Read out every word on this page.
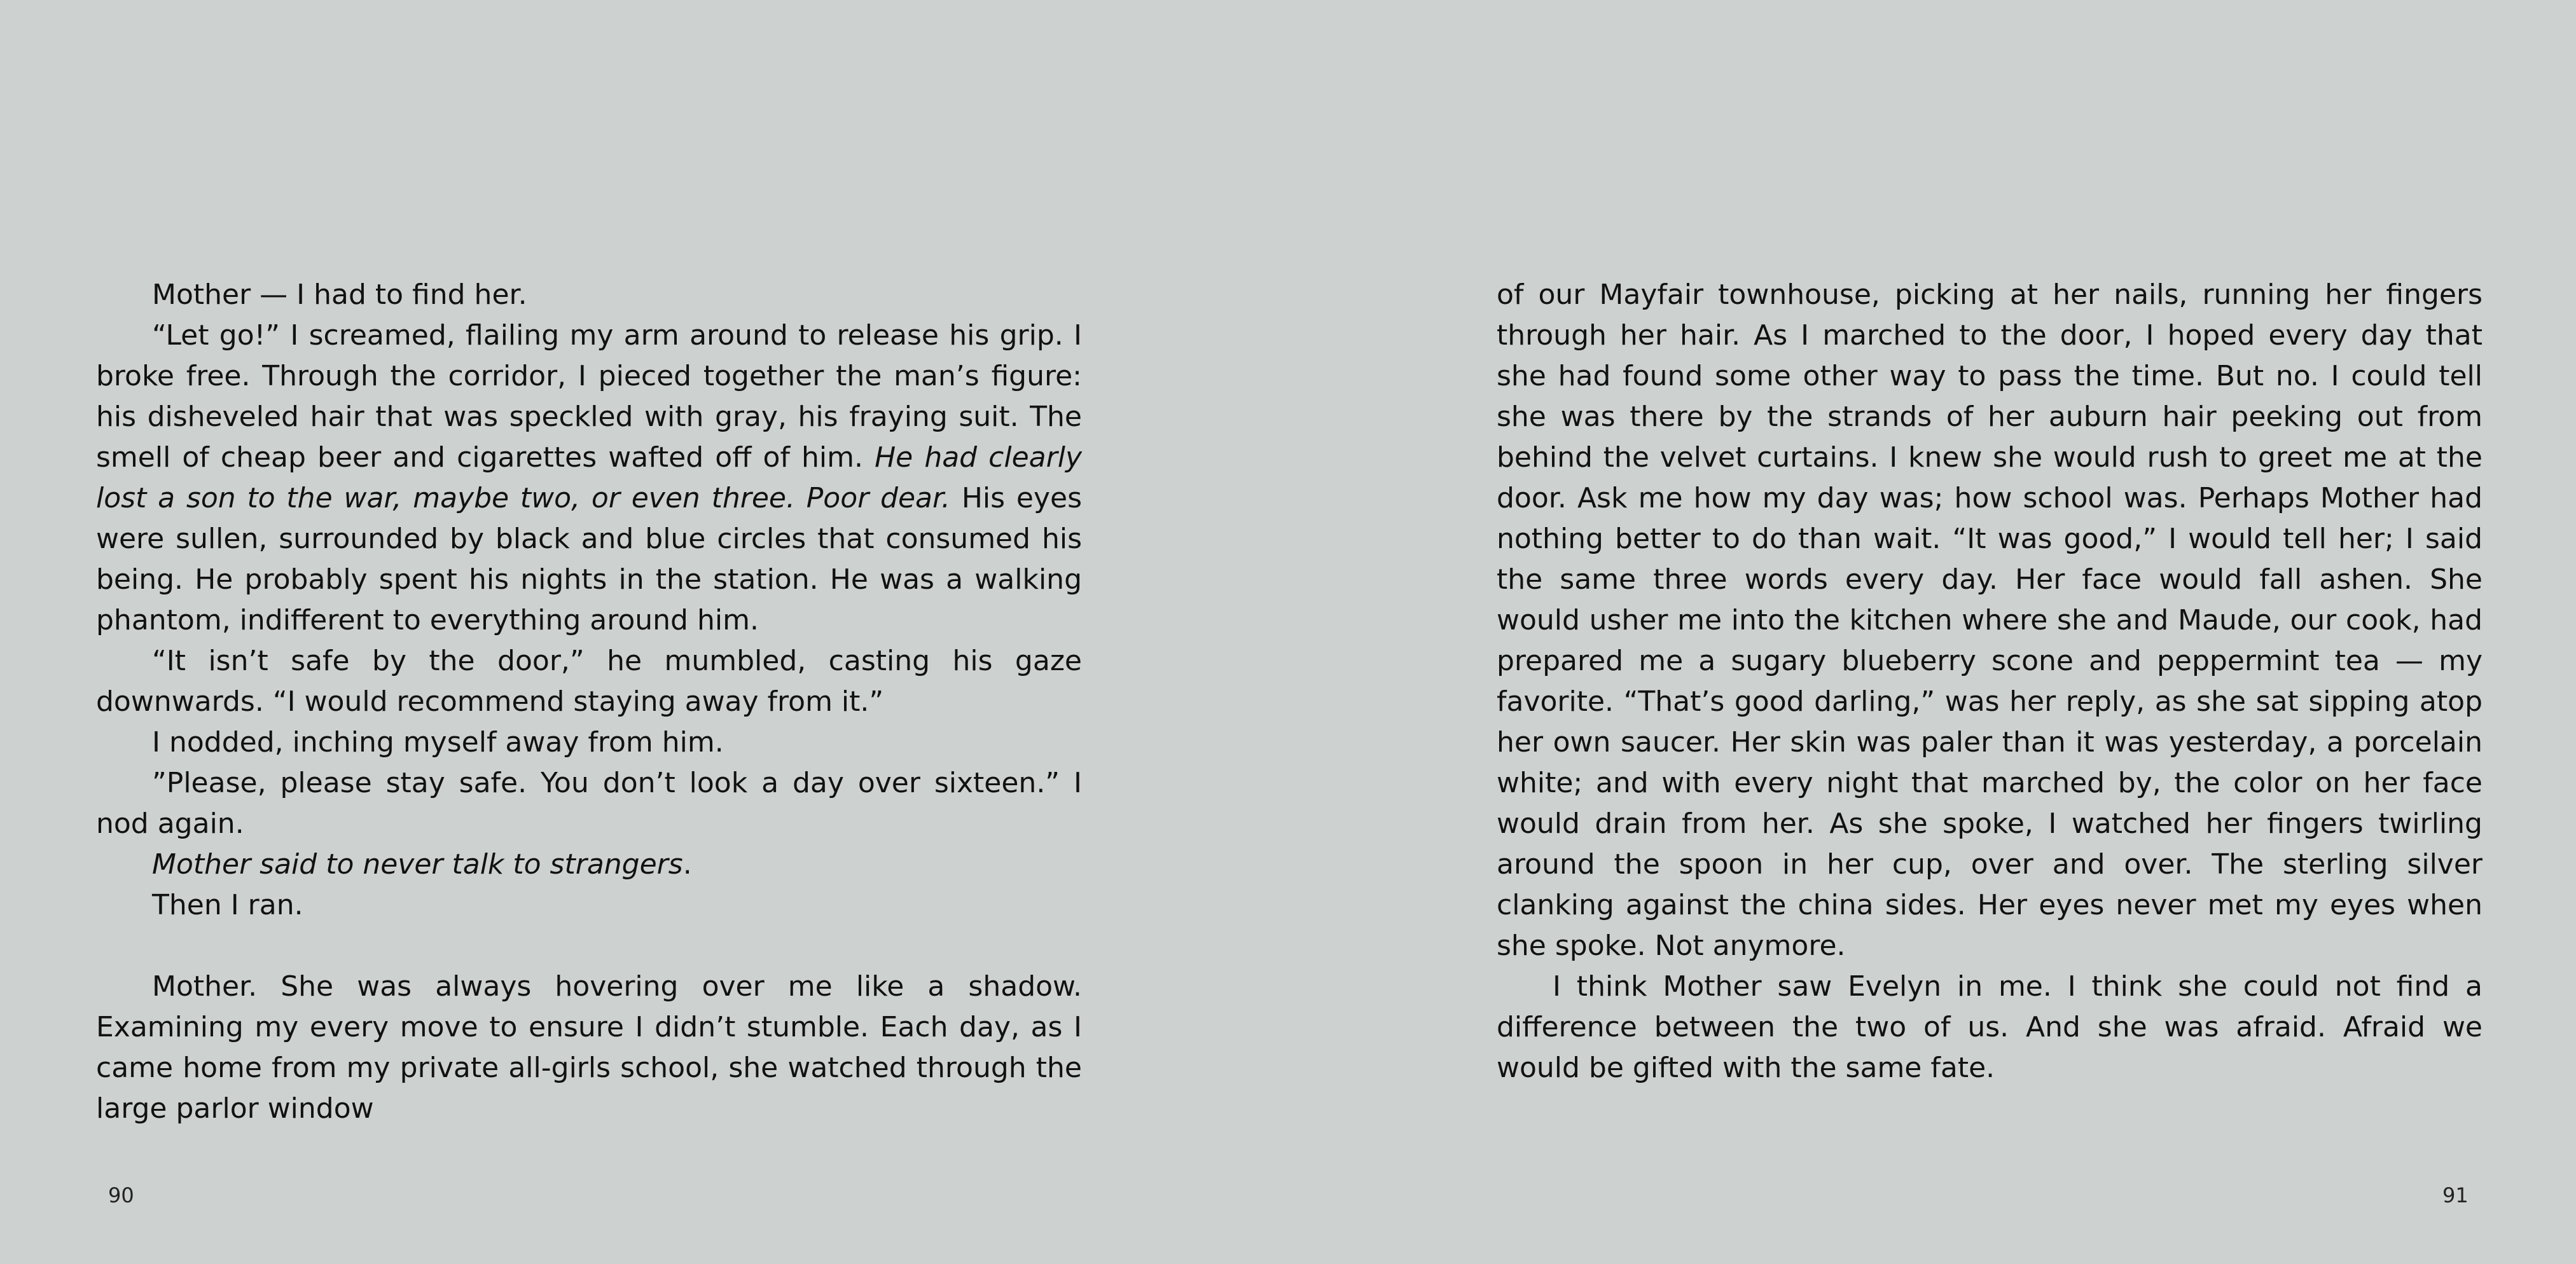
Mother — I had to find her.

“Let go!” I screamed, flailing my arm around to release his grip. I broke free. Through the corridor, I pieced together the man’s figure: his disheveled hair that was speckled with gray, his fraying suit. The smell of cheap beer and cigarettes wafted off of him. He had clearly lost a son to the war, maybe two, or even three. Poor dear. His eyes were sullen, surrounded by black and blue circles that consumed his being. He probably spent his nights in the station. He was a walking phantom, indifferent to everything around him.

“It isn’t safe by the door,” he mumbled, casting his gaze downwards. “I would recommend staying away from it.”

I nodded, inching myself away from him.

”Please, please stay safe. You don’t look a day over sixteen.” I nod again.

Mother said to never talk to strangers.

Then I ran.

Mother. She was always hovering over me like a shadow. Examining my every move to ensure I didn’t stumble. Each day, as I came home from my private all-girls school, she watched through the large parlor window

90

of our Mayfair townhouse, picking at her nails, running her fingers through her hair. As I marched to the door, I hoped every day that she had found some other way to pass the time. But no. I could tell she was there by the strands of her auburn hair peeking out from behind the velvet curtains. I knew she would rush to greet me at the door. Ask me how my day was; how school was. Perhaps Mother had nothing better to do than wait. “It was good,” I would tell her; I said the same three words every day. Her face would fall ashen. She would usher me into the kitchen where she and Maude, our cook, had prepared me a sugary blueberry scone and peppermint tea — my favorite. “That’s good darling,” was her reply, as she sat sipping atop her own saucer. Her skin was paler than it was yesterday, a porcelain white; and with every night that marched by, the color on her face would drain from her. As she spoke, I watched her fingers twirling around the spoon in her cup, over and over. The sterling silver clanking against the china sides. Her eyes never met my eyes when she spoke. Not anymore.

I think Mother saw Evelyn in me. I think she could not find a difference between the two of us. And she was afraid. Afraid we would be gifted with the same fate.

91
